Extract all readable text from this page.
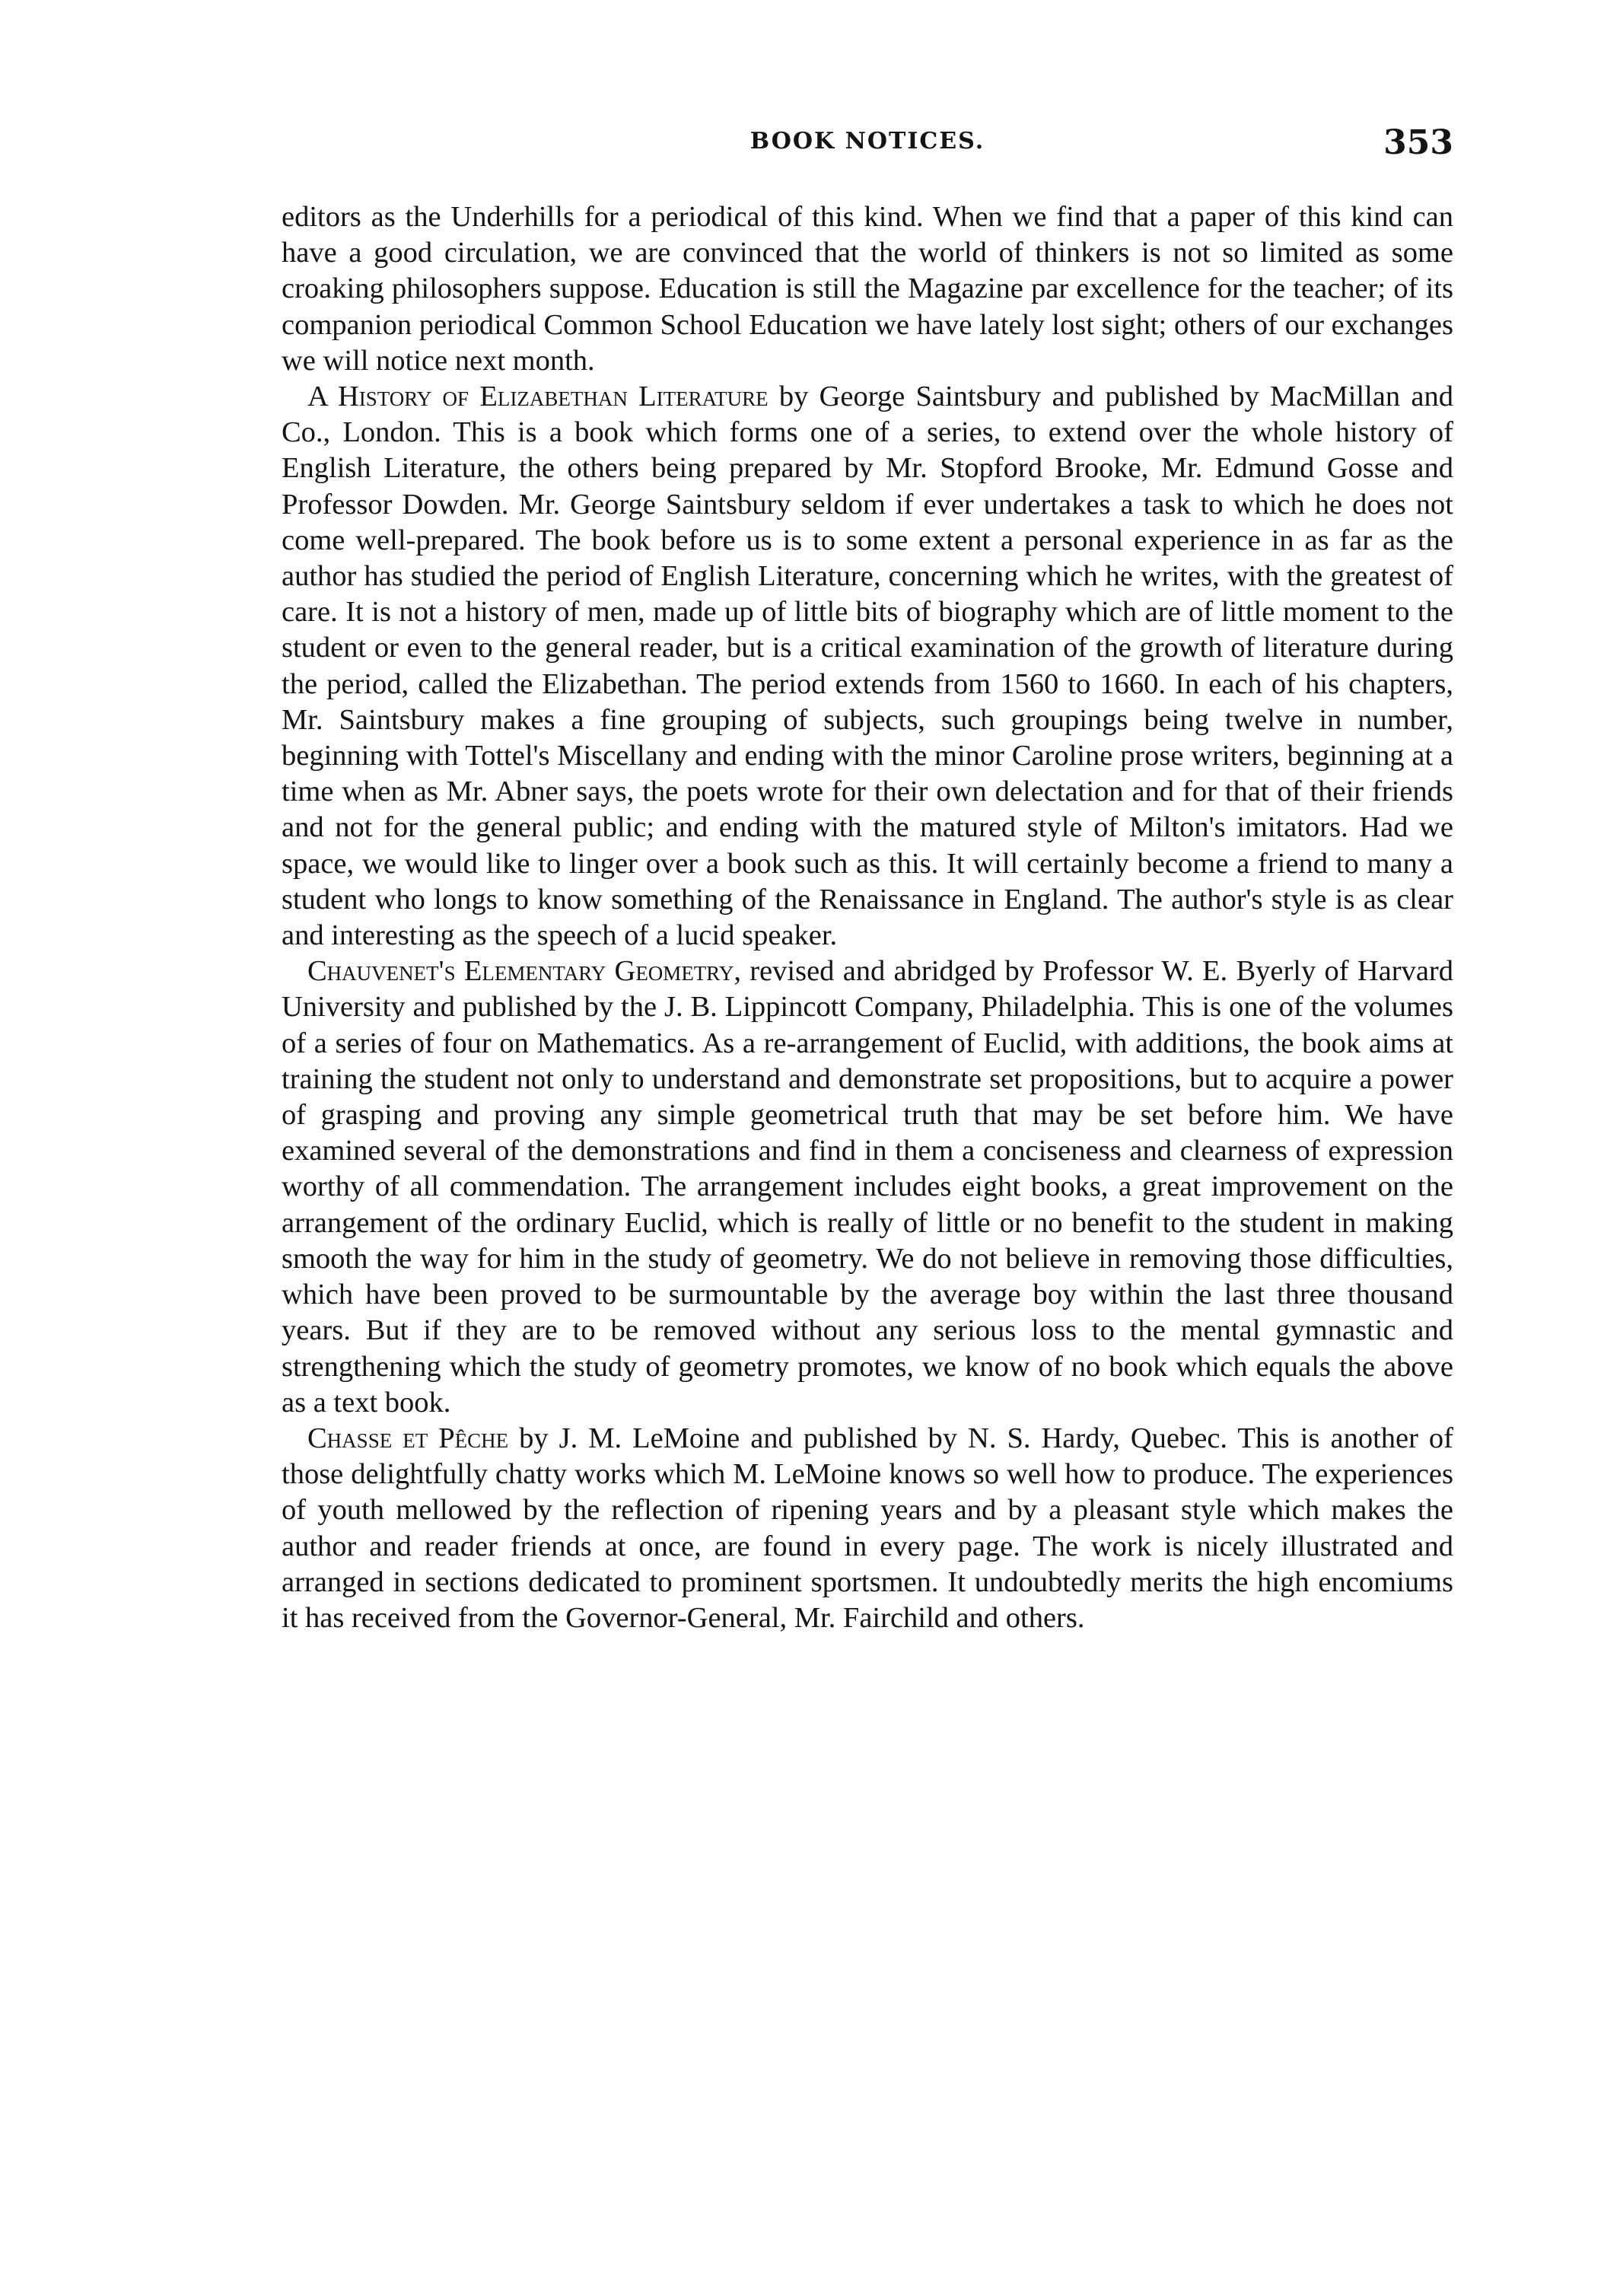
BOOK NOTICES.	353

editors as the Underhills for a periodical of this kind. When we find that a paper of this kind can have a good circulation, we are convinced that the world of thinkers is not so limited as some croaking philosophers suppose. Education is still the Magazine par excellence for the teacher; of its companion periodical Common School Education we have lately lost sight; others of our exchanges we will notice next month.

A History of Elizabethan Literature by George Saintsbury and published by MacMillan and Co., London. This is a book which forms one of a series, to extend over the whole history of English Literature, the others being prepared by Mr. Stopford Brooke, Mr. Edmund Gosse and Professor Dowden. Mr. George Saintsbury seldom if ever undertakes a task to which he does not come well-prepared. The book before us is to some extent a personal experience in as far as the author has studied the period of English Literature, concerning which he writes, with the greatest of care. It is not a history of men, made up of little bits of biography which are of little moment to the student or even to the general reader, but is a critical examination of the growth of literature during the period, called the Elizabethan. The period extends from 1560 to 1660. In each of his chapters, Mr. Saintsbury makes a fine grouping of subjects, such groupings being twelve in number, beginning with Tottel's Miscellany and ending with the minor Caroline prose writers, beginning at a time when as Mr. Abner says, the poets wrote for their own delectation and for that of their friends and not for the general public; and ending with the matured style of Milton's imitators. Had we space, we would like to linger over a book such as this. It will certainly become a friend to many a student who longs to know something of the Renaissance in England. The author's style is as clear and interesting as the speech of a lucid speaker.

Chauvenet's Elementary Geometry, revised and abridged by Professor W. E. Byerly of Harvard University and published by the J. B. Lippincott Company, Philadelphia. This is one of the volumes of a series of four on Mathematics. As a re-arrangement of Euclid, with additions, the book aims at training the student not only to understand and demonstrate set propositions, but to acquire a power of grasping and proving any simple geometrical truth that may be set before him. We have examined several of the demonstrations and find in them a conciseness and clearness of expression worthy of all commendation. The arrangement includes eight books, a great improvement on the arrangement of the ordinary Euclid, which is really of little or no benefit to the student in making smooth the way for him in the study of geometry. We do not believe in removing those difficulties, which have been proved to be surmountable by the average boy within the last three thousand years. But if they are to be removed without any serious loss to the mental gymnastic and strengthening which the study of geometry promotes, we know of no book which equals the above as a text book.

Chasse et Pêche by J. M. LeMoine and published by N. S. Hardy, Quebec. This is another of those delightfully chatty works which M. LeMoine knows so well how to produce. The experiences of youth mellowed by the reflection of ripening years and by a pleasant style which makes the author and reader friends at once, are found in every page. The work is nicely illustrated and arranged in sections dedicated to prominent sportsmen. It undoubtedly merits the high encomiums it has received from the Governor-General, Mr. Fairchild and others.
